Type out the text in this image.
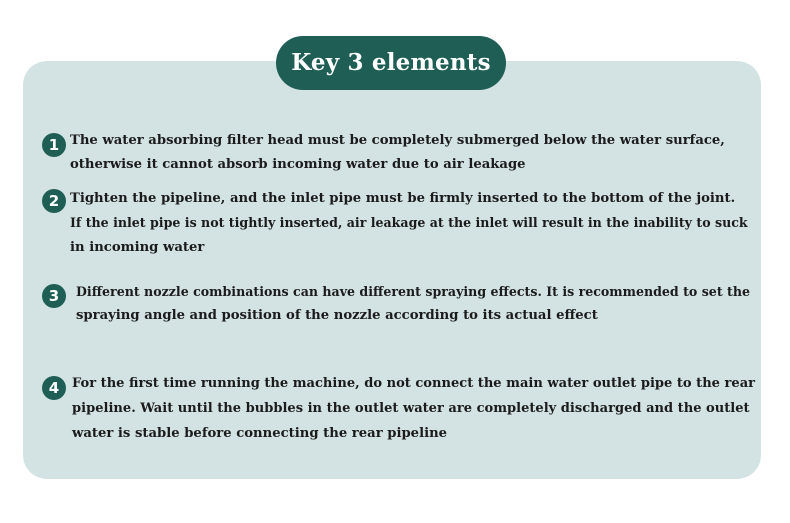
Key 3 elements
1 The water absorbing filter head must be completely submerged below the water surface,
otherwise it cannot absorb incoming water due to air leakage
2 Tighten the pipeline, and the inlet pipe must be firmly inserted to the bottom of the joint.
If the inlet pipe is not tightly inserted, air leakage at the inlet will result in the inability to suck
in incoming water
3	Different nozzle combinations can have different spraying effects. It is recommended to set the
spraying angle and position of the nozzle according to its actual effect
4 For the first time running the machine, do not connect the main water outlet pipe to the rear
pipeline. Wait until the bubbles in the outlet water are completely discharged and the outlet
water is stable before connecting the rear pipeline
